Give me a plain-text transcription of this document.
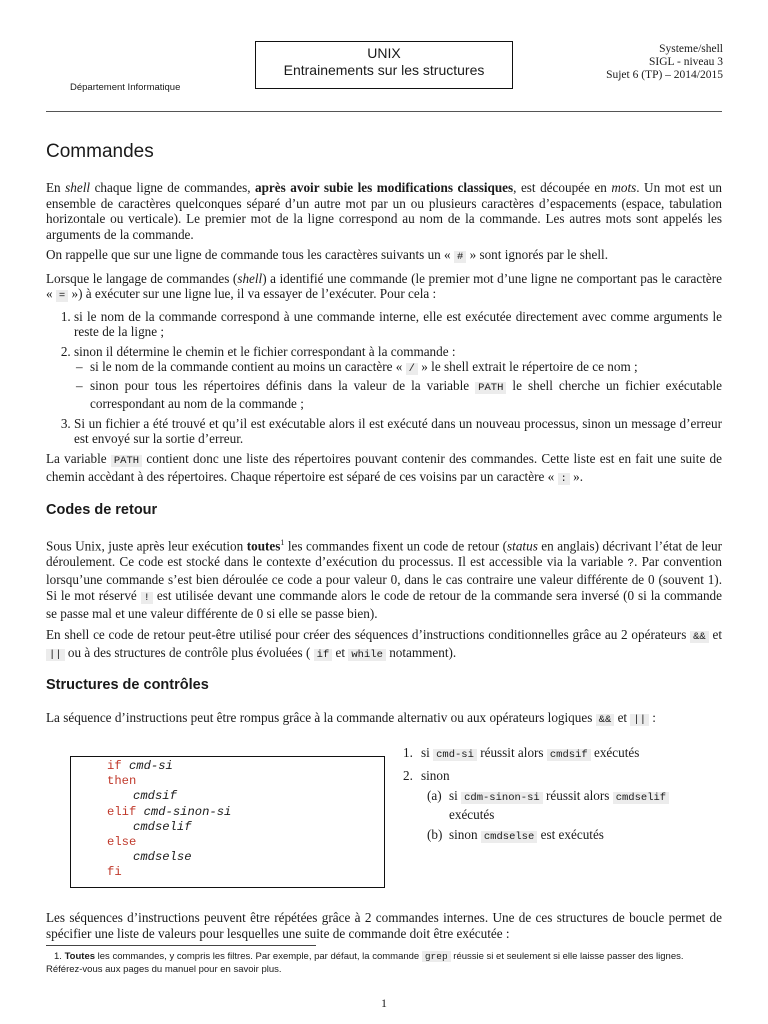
UNIX
Entrainements sur les structures
Systeme/shell
SIGL - niveau 3
Sujet 6 (TP) – 2014/2015
Département Informatique
Commandes

En shell chaque ligne de commandes, après avoir subie les modifications classiques, est découpée en mots. Un mot est un ensemble de caractères quelconques séparé d’un autre mot par un ou plusieurs caractères d’espacements (espace, tabulation horizontale ou verticale). Le premier mot de la ligne correspond au nom de la commande. Les autres mots sont appelés les arguments de la commande.

On rappelle que sur une ligne de commande tous les caractères suivants un « # » sont ignorés par le shell.

Lorsque le langage de commandes (shell) a identifié une commande (le premier mot d’une ligne ne comportant pas le caractère « = ») à exécuter sur une ligne lue, il va essayer de l’exécuter. Pour cela :

1. si le nom de la commande correspond à une commande interne, elle est exécutée directement avec comme arguments le reste de la ligne ;
2. sinon il détermine le chemin et le fichier correspondant à la commande :
– si le nom de la commande contient au moins un caractère « / » le shell extrait le répertoire de ce nom ;
– sinon pour tous les répertoires définis dans la valeur de la variable PATH le shell cherche un fichier exécutable correspondant au nom de la commande ;
3. Si un fichier a été trouvé et qu’il est exécutable alors il est exécuté dans un nouveau processus, sinon un message d’erreur est envoyé sur la sortie d’erreur.

La variable PATH contient donc une liste des répertoires pouvant contenir des commandes. Cette liste est en fait une suite de chemin accèdant à des répertoires. Chaque répertoire est séparé de ces voisins par un caractère « : ».

Codes de retour

Sous Unix, juste après leur exécution toutes$^1$ les commandes fixent un code de retour (status en anglais) décrivant l’état de leur déroulement. Ce code est stocké dans le contexte d’exécution du processus. Il est accessible via la variable ?. Par convention lorsqu’une commande s’est bien déroulée ce code a pour valeur 0, dans le cas contraire une valeur différente de 0 (souvent 1). Si le mot réservé ! est utilisée devant une commande alors le code de retour de la commande sera inversé (0 si la commande se passe mal et une valeur différente de 0 si elle se passe bien).

En shell ce code de retour peut-être utilisé pour créer des séquences d’instructions conditionnelles grâce au 2 opérateurs && et || ou à des structures de contrôle plus évoluées ( if et while notamment).

Structures de contrôles
La séquence d’instructions peut être rompus grâce à la commande alternativ ou aux opérateurs logiques && et || :
if cmd-si
then
cmdsif
elif cmd-sinon-si
cmdselif
else
cmdselse
fi
1. si cmd-si réussit alors cmdsif exécutés
2. sinon
(a) si cdm-sinon-si réussit alors cmdselif
exécutés
(b) sinon cmdselse est exécutés
Les séquences d’instructions peuvent être répétées grâce à 2 commandes internes. Une de ces structures de boucle permet de spécifier une liste de valeurs pour lesquelles une suite de commande doit être exécutée :
1. Toutes les commandes, y compris les filtres. Par exemple, par défaut, la commande grep réussie si et seulement si elle laisse passer des lignes. Référez-vous aux pages du manuel pour en savoir plus.
1
